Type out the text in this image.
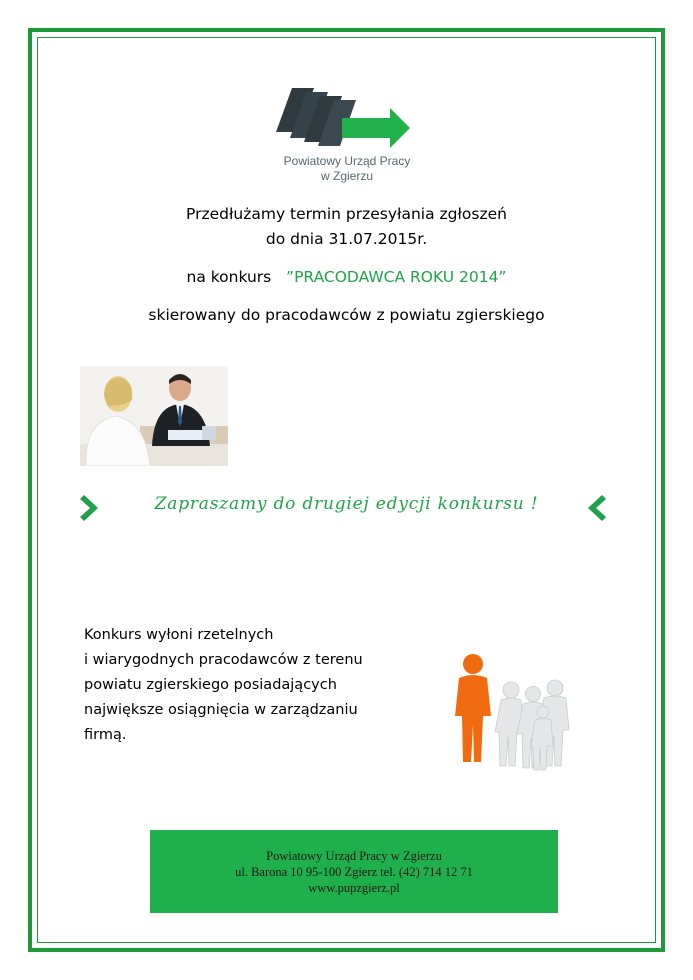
Powiatowy Urząd Pracy
w Zgierzu
Przedłużamy termin przesyłania zgłoszeń
do dnia 31.07.2015r.
na konkurs ”PRACODAWCA ROKU 2014”
skierowany do pracodawców z powiatu zgierskiego
Zapraszamy do drugiej edycji konkursu !
Konkurs wyłoni rzetelnych
i wiarygodnych pracodawców z terenu
powiatu zgierskiego posiadających
największe osiągnięcia w zarządzaniu
firmą.
Powiatowy Urząd Pracy w Zgierzu
ul. Barona 10 95-100 Zgierz tel. (42) 714 12 71
www.pupzgierz.pl
